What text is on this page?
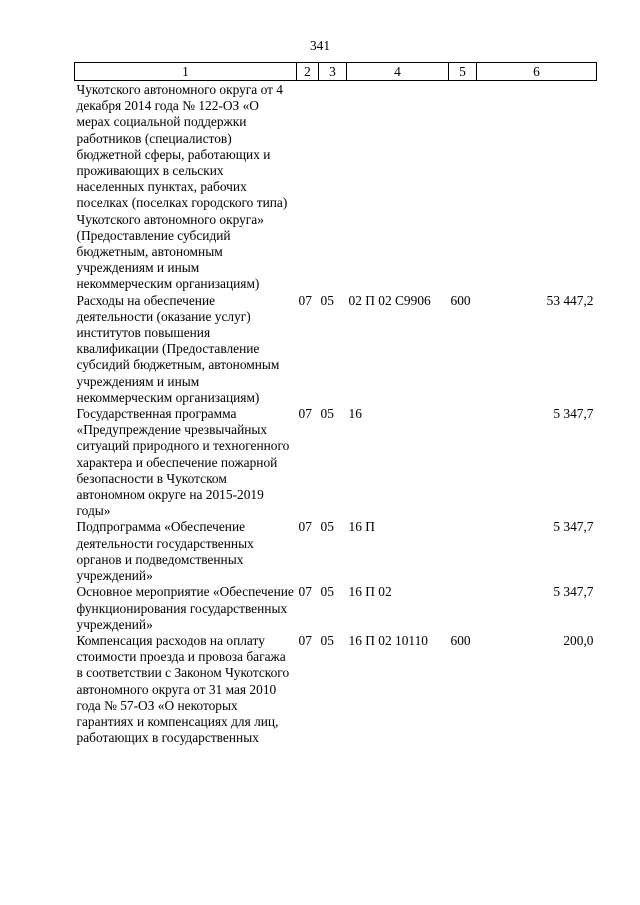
341
1	2	3	4	5	6
Чукотского автономного округа от 4 декабря 2014 года № 122-ОЗ «О мерах социальной поддержки работников (специалистов) бюджетной сферы, работающих и проживающих в сельских населенных пунктах, рабочих поселках (поселках городского типа) Чукотского автономного округа» (Предоставление субсидий бюджетным, автономным учреждениям и иным некоммерческим организациям)					
Расходы на обеспечение деятельности (оказание услуг) институтов повышения квалификации (Предоставление субсидий бюджетным, автономным учреждениям и иным некоммерческим организациям)	07	05	02 П 02 С9906	600	53 447,2
Государственная программа «Предупреждение чрезвычайных ситуаций природного и техногенного характера и обеспечение пожарной безопасности в Чукотском автономном округе на 2015-2019 годы»	07	05	16		5 347,7
Подпрограмма «Обеспечение деятельности государственных органов и подведомственных учреждений»	07	05	16 П		5 347,7
Основное мероприятие «Обеспечение функционирования государственных учреждений»	07	05	16 П 02		5 347,7
Компенсация расходов на оплату стоимости проезда и провоза багажа в соответствии с Законом Чукотского автономного округа от 31 мая 2010 года № 57-ОЗ «О некоторых гарантиях и компенсациях для лиц, работающих в государственных	07	05	16 П 02 10110	600	200,0
